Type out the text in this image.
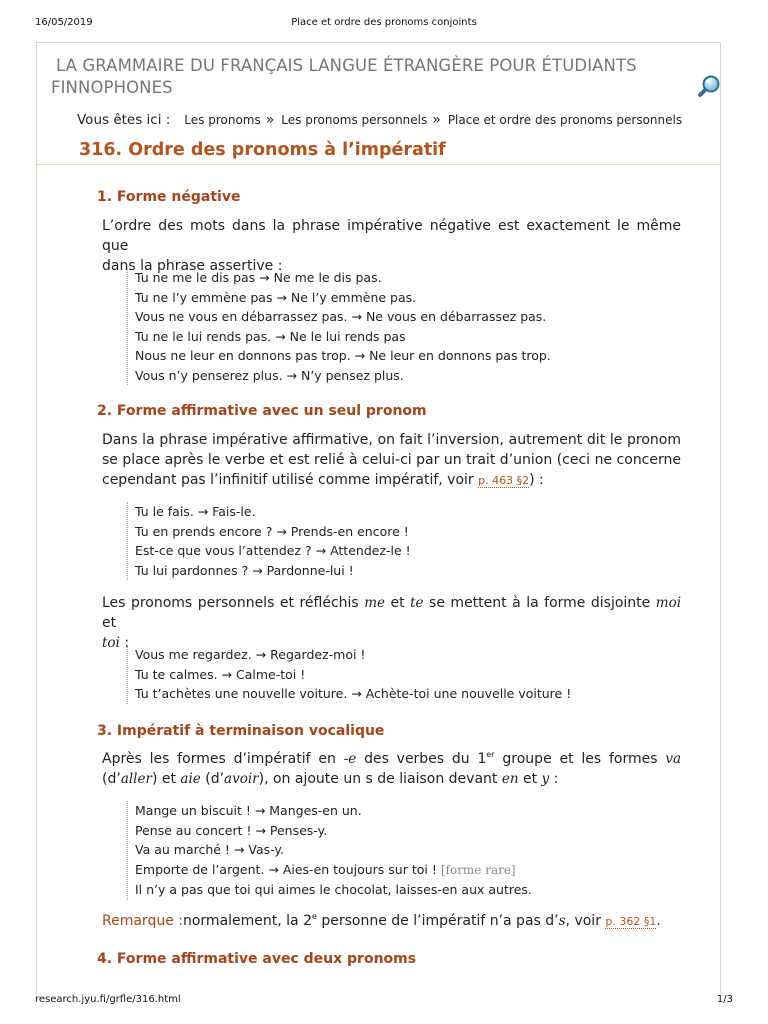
16/05/2019	Place et ordre des pronoms conjoints
LA GRAMMAIRE DU FRANÇAIS LANGUE ÉTRANGÈRE POUR ÉTUDIANTS
FINNOPHONES
Vous êtes ici : Les pronoms » Les pronoms personnels » Place et ordre des pronoms personnels
316. Ordre des pronoms à l’impératif
1. Forme négative
L’ordre des mots dans la phrase impérative négative est exactement le même que
dans la phrase assertive :
Tu ne me le dis pas → Ne me le dis pas.
Tu ne l’y emmène pas → Ne l’y emmène pas.
Vous ne vous en débarrassez pas. → Ne vous en débarrassez pas.
Tu ne le lui rends pas. → Ne le lui rends pas
Nous ne leur en donnons pas trop. → Ne leur en donnons pas trop.
Vous n’y penserez plus. → N’y pensez plus.
2. Forme affirmative avec un seul pronom
Dans la phrase impérative affirmative, on fait l’inversion, autrement dit le pronom
se place après le verbe et est relié à celui-ci par un trait d’union (ceci ne concerne
cependant pas l’infinitif utilisé comme impératif, voir p. 463 §2) :
Tu le fais. → Fais-le.
Tu en prends encore ? → Prends-en encore !
Est-ce que vous l’attendez ? → Attendez-le !
Tu lui pardonnes ? → Pardonne-lui !
Les pronoms personnels et réfléchis me et te se mettent à la forme disjointe moi et
toi :
Vous me regardez. → Regardez-moi !
Tu te calmes. → Calme-toi !
Tu t’achètes une nouvelle voiture. → Achète-toi une nouvelle voiture !
3. Impératif à terminaison vocalique
Après les formes d’impératif en -e des verbes du 1er groupe et les formes va
(d’aller) et aie (d’avoir), on ajoute un s de liaison devant en et y :
Mange un biscuit ! → Manges-en un.
Pense au concert ! → Penses-y.
Va au marché ! → Vas-y.
Emporte de l’argent. → Aies-en toujours sur toi ! [forme rare]
Il n’y a pas que toi qui aimes le chocolat, laisses-en aux autres.
Remarque :normalement, la 2e personne de l’impératif n’a pas d’s, voir p. 362 §1.
4. Forme affirmative avec deux pronoms
research.jyu.fi/grfle/316.html	1/3
